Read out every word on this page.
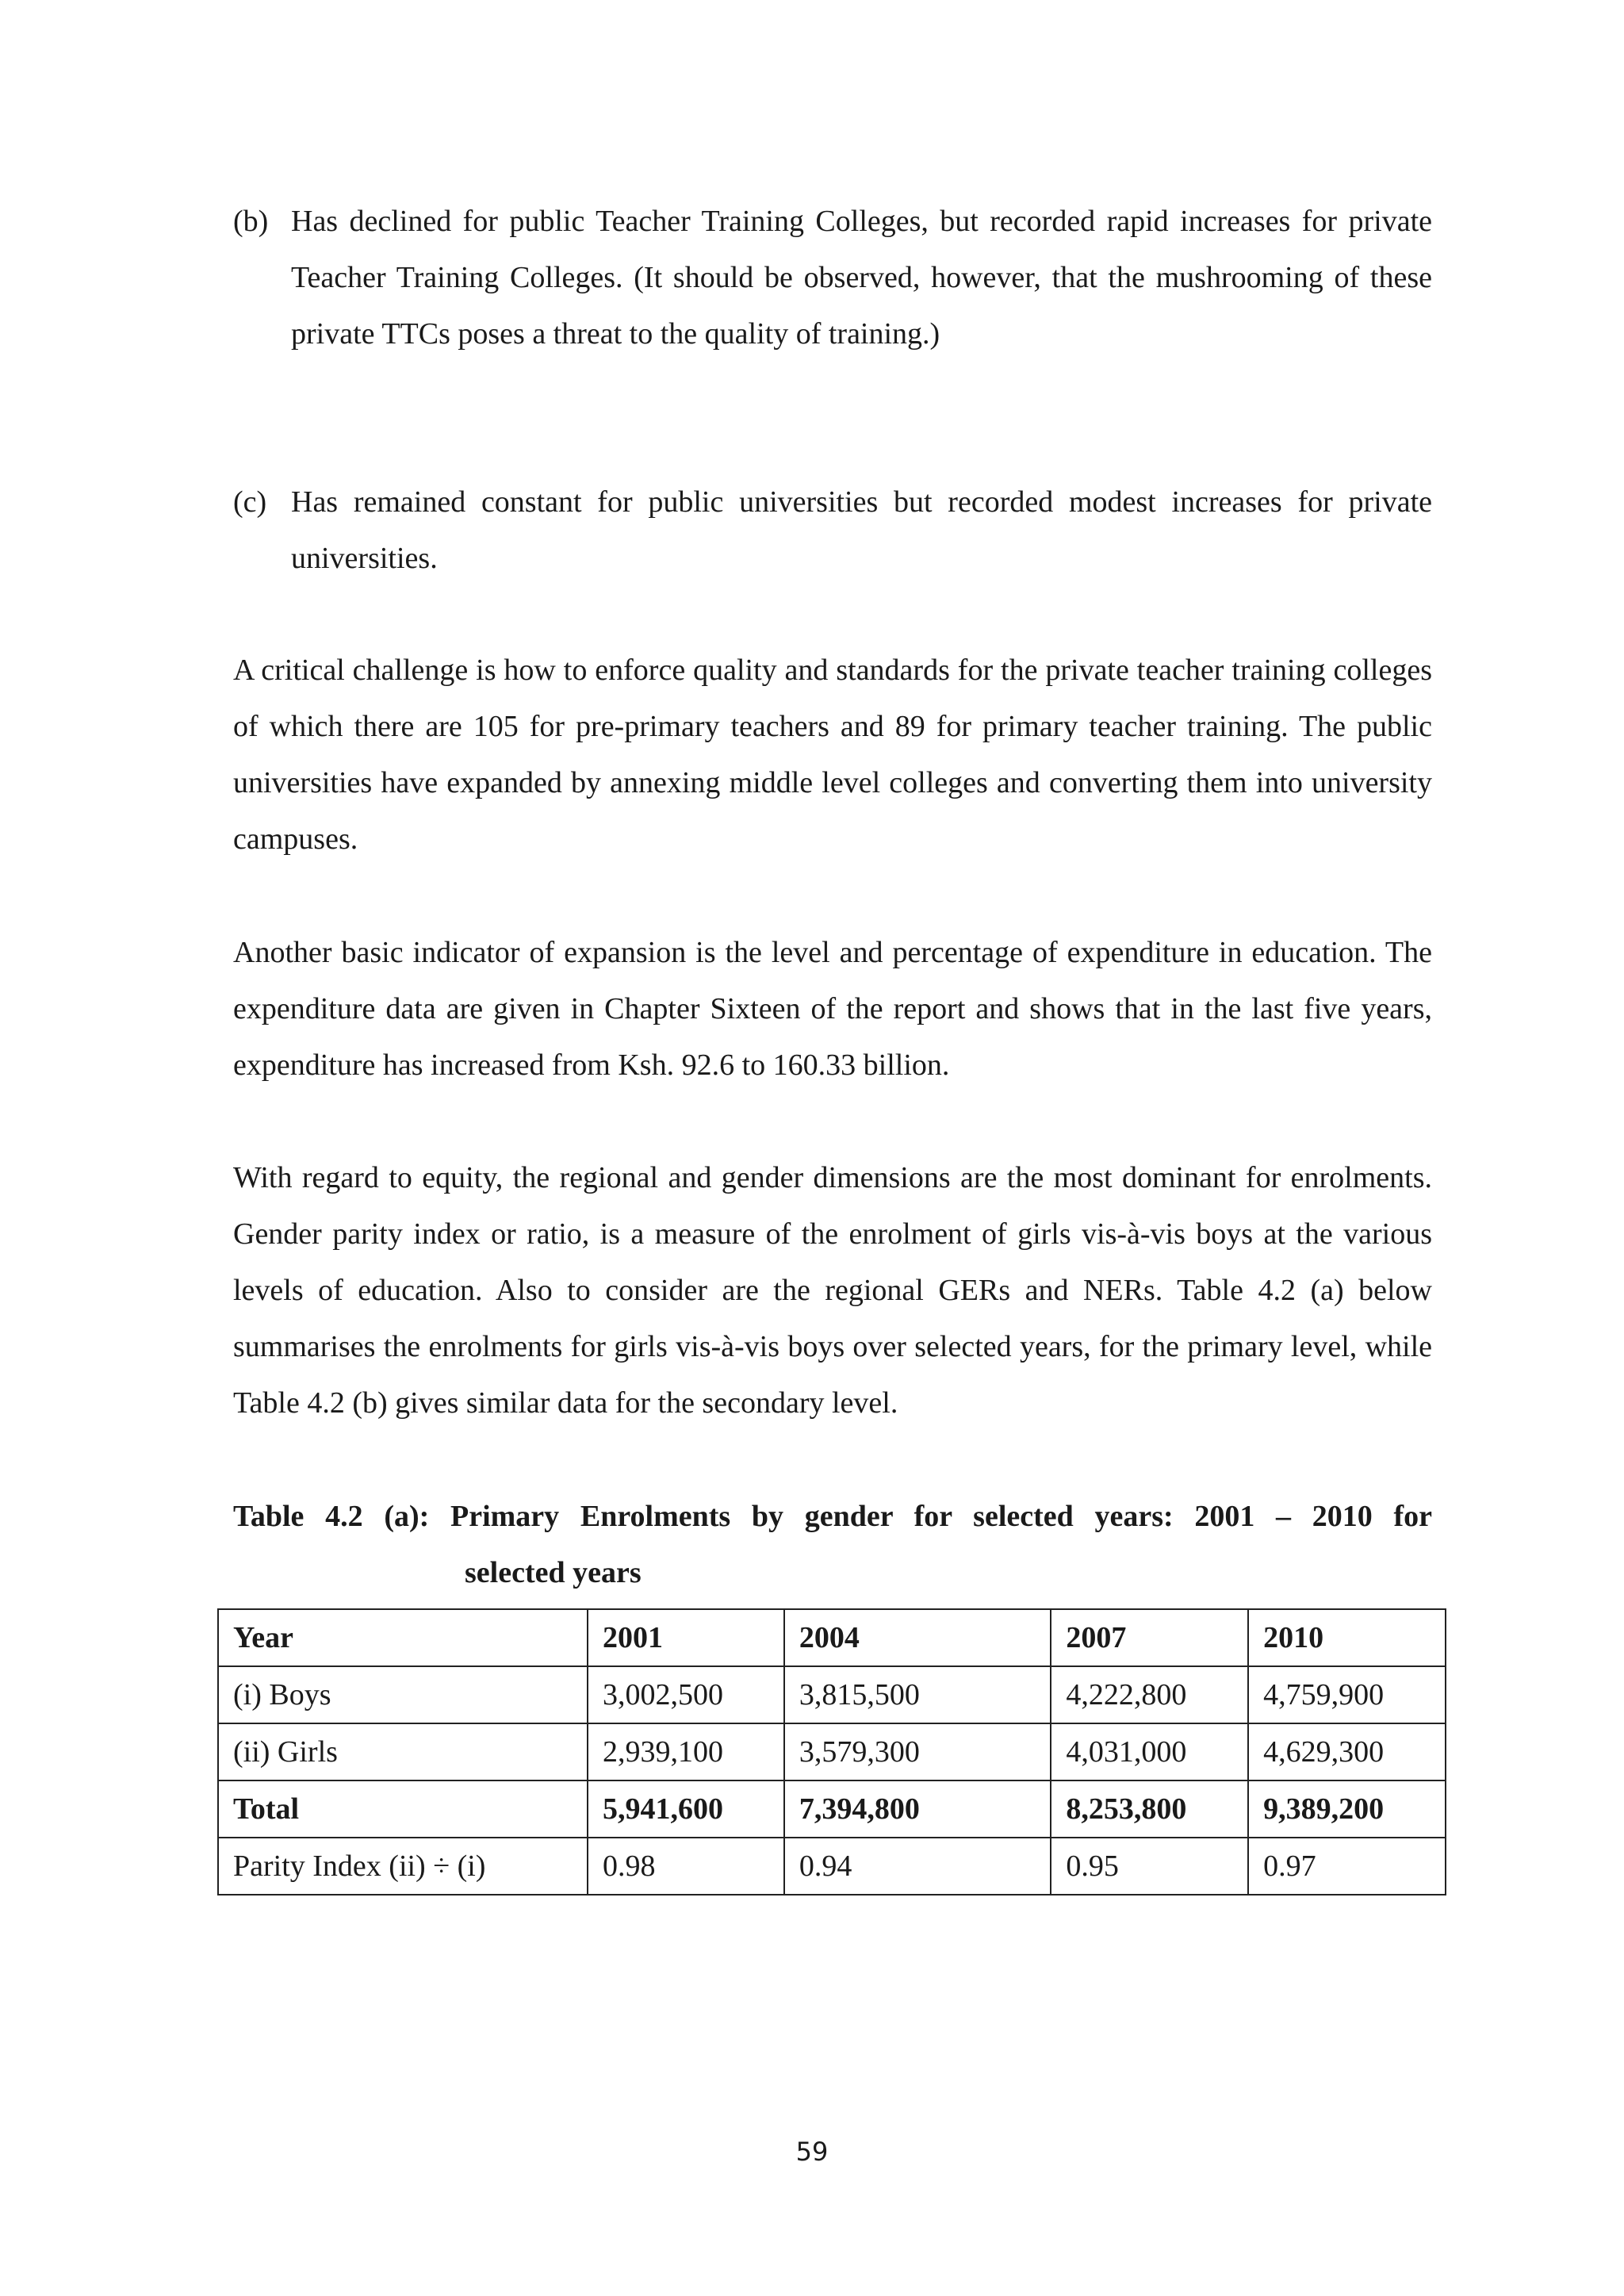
(b) Has declined for public Teacher Training Colleges, but recorded rapid increases for private Teacher Training Colleges. (It should be observed, however, that the mushrooming of these private TTCs poses a threat to the quality of training.)
(c) Has remained constant for public universities but recorded modest increases for private universities.
A critical challenge is how to enforce quality and standards for the private teacher training colleges of which there are 105 for pre-primary teachers and 89 for primary teacher training. The public universities have expanded by annexing middle level colleges and converting them into university campuses.
Another basic indicator of expansion is the level and percentage of expenditure in education. The expenditure data are given in Chapter Sixteen of the report and shows that in the last five years, expenditure has increased from Ksh. 92.6 to 160.33 billion.
With regard to equity, the regional and gender dimensions are the most dominant for enrolments. Gender parity index or ratio, is a measure of the enrolment of girls vis-à-vis boys at the various levels of education. Also to consider are the regional GERs and NERs. Table 4.2 (a) below summarises the enrolments for girls vis-à-vis boys over selected years, for the primary level, while Table 4.2 (b) gives similar data for the secondary level.
Table 4.2 (a): Primary Enrolments by gender for selected years: 2001 – 2010 for
selected years
Year	2001	2004	2007	2010
(i) Boys	3,002,500	3,815,500	4,222,800	4,759,900
(ii) Girls	2,939,100	3,579,300	4,031,000	4,629,300
Total	5,941,600	7,394,800	8,253,800	9,389,200
Parity Index (ii) ÷ (i)	0.98	0.94	0.95	0.97
59
